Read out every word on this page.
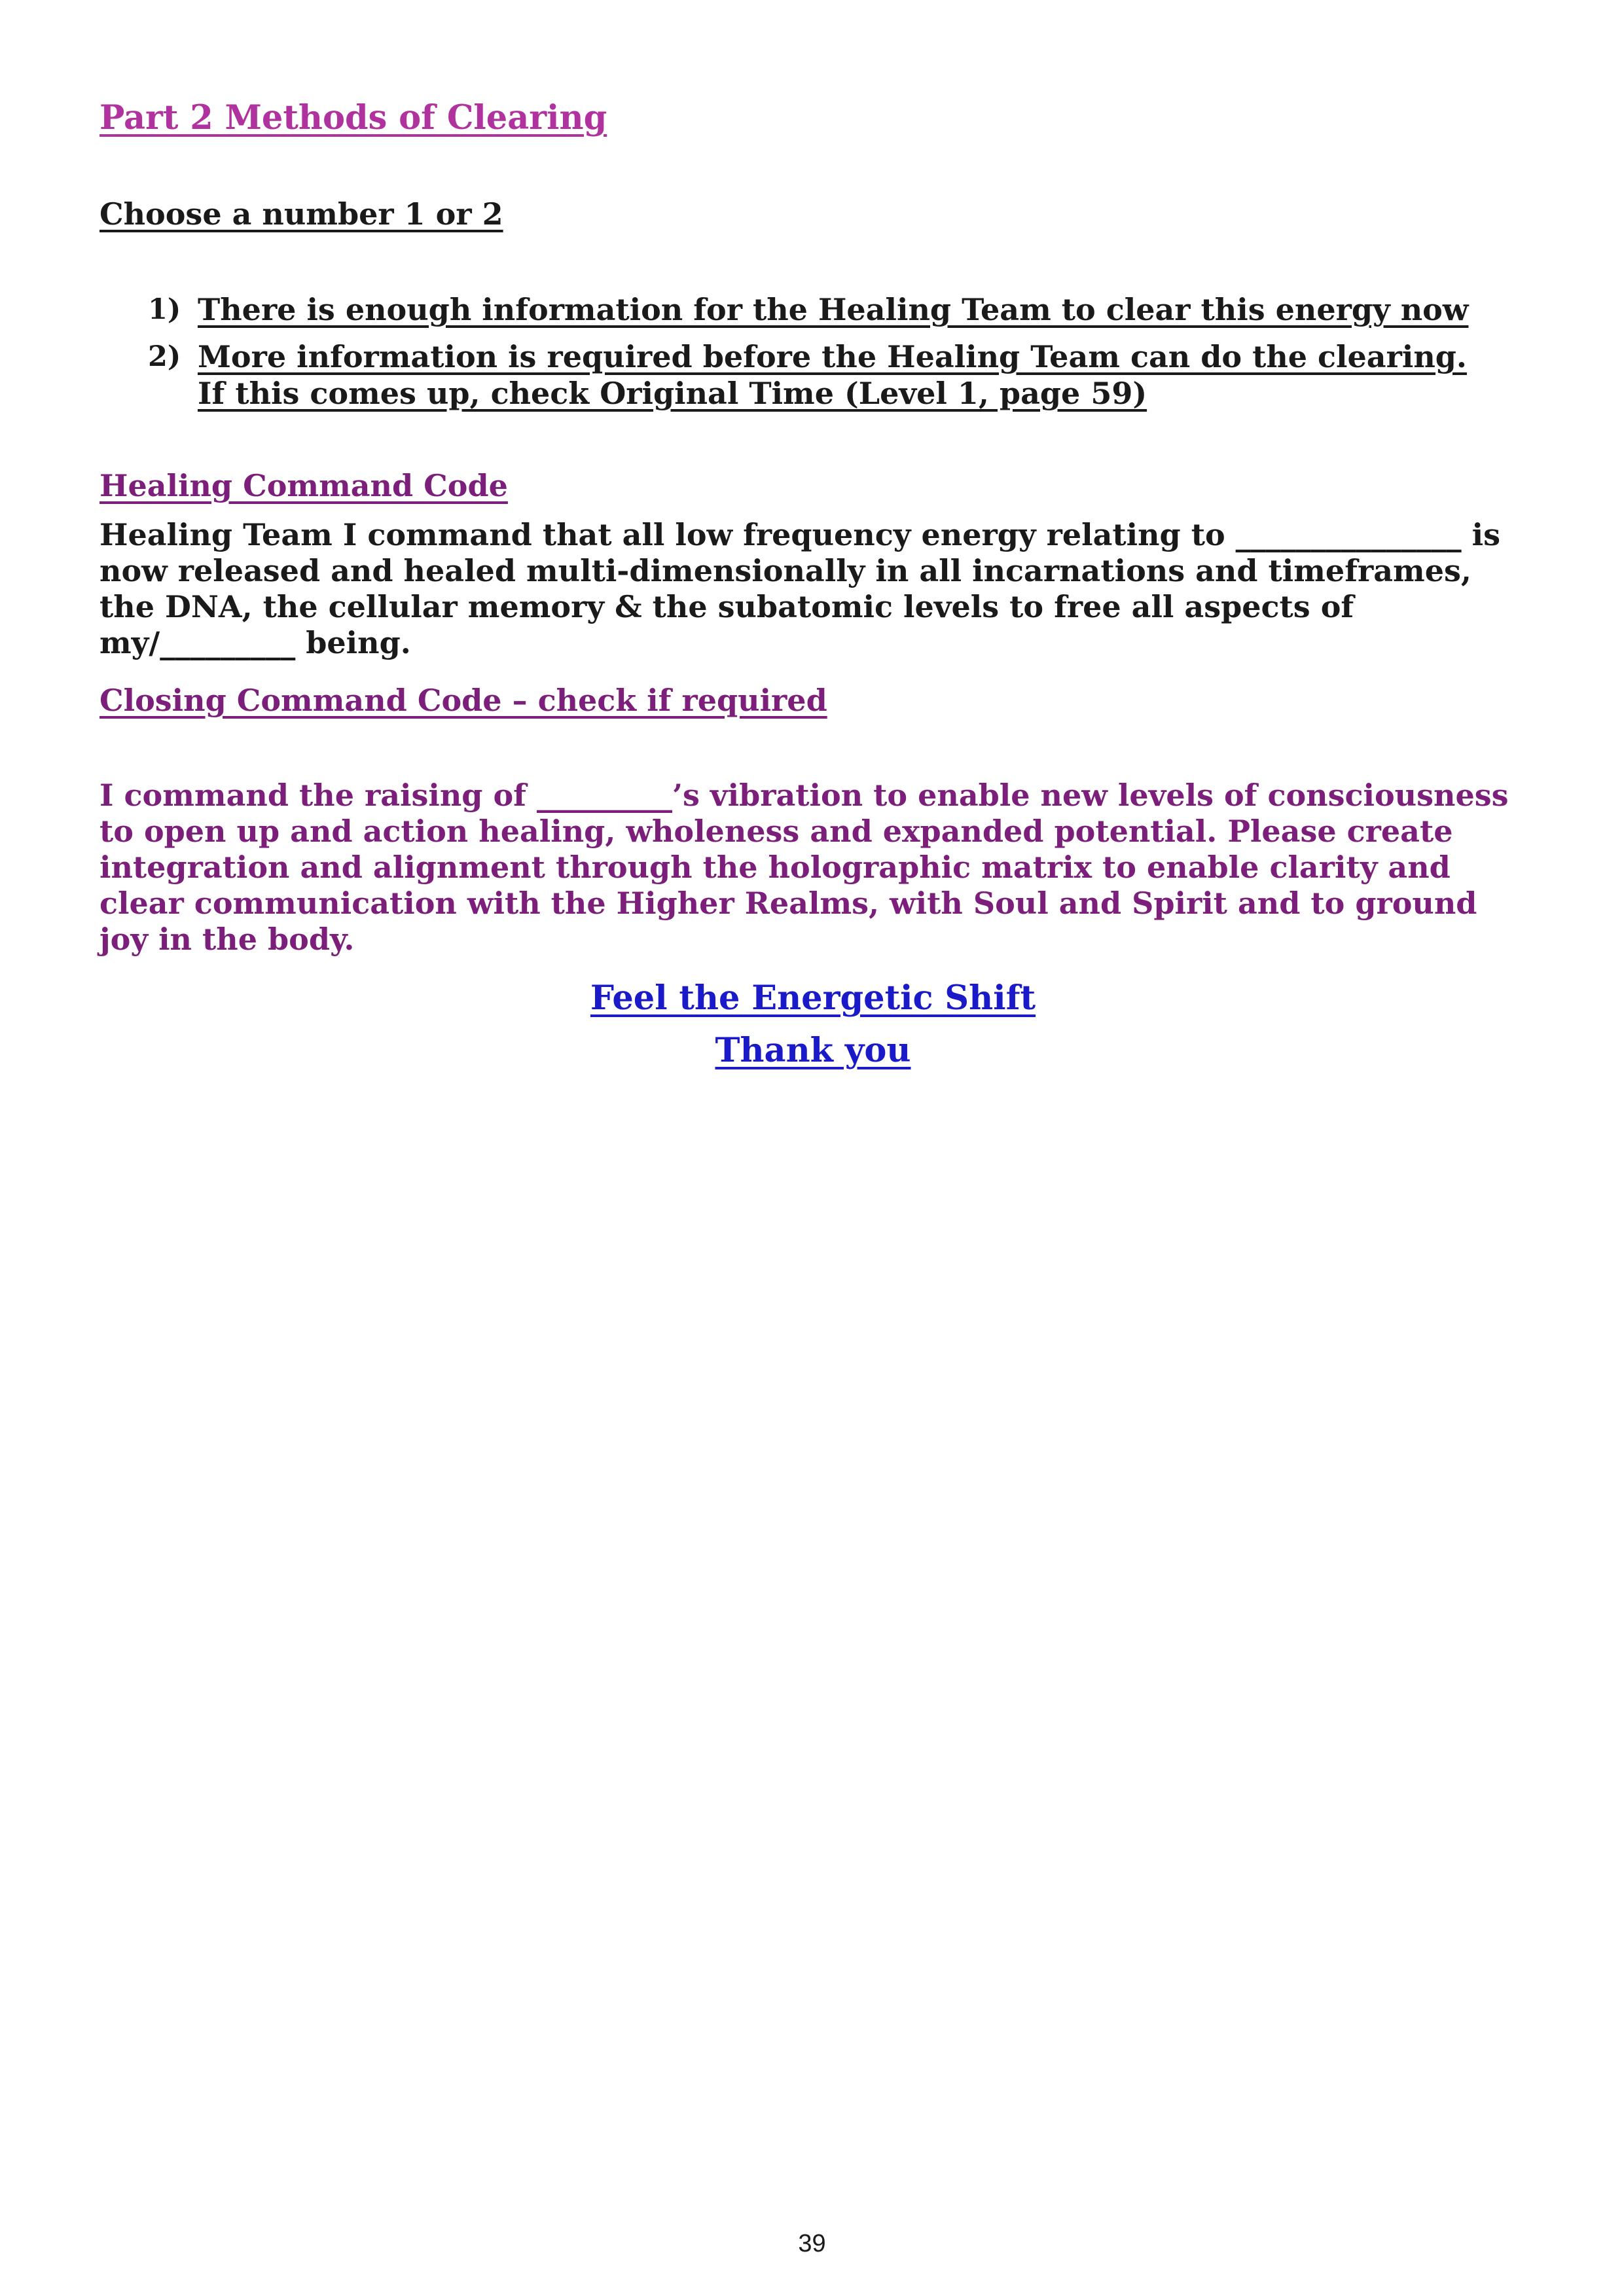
Part 2 Methods of Clearing
Choose a number 1 or 2
1) There is enough information for the Healing Team to clear this energy now
2) More information is required before the Healing Team can do the clearing. If this comes up, check Original Time (Level 1, page 59)
Healing Command Code
Healing Team I command that all low frequency energy relating to _______________ is now released and healed multi-dimensionally in all incarnations and timeframes, the DNA, the cellular memory & the subatomic levels to free all aspects of my/_________ being.
Closing Command Code – check if required
I command the raising of _________’s vibration to enable new levels of consciousness to open up and action healing, wholeness and expanded potential. Please create integration and alignment through the holographic matrix to enable clarity and clear communication with the Higher Realms, with Soul and Spirit and to ground joy in the body.
Feel the Energetic Shift
Thank you
39
